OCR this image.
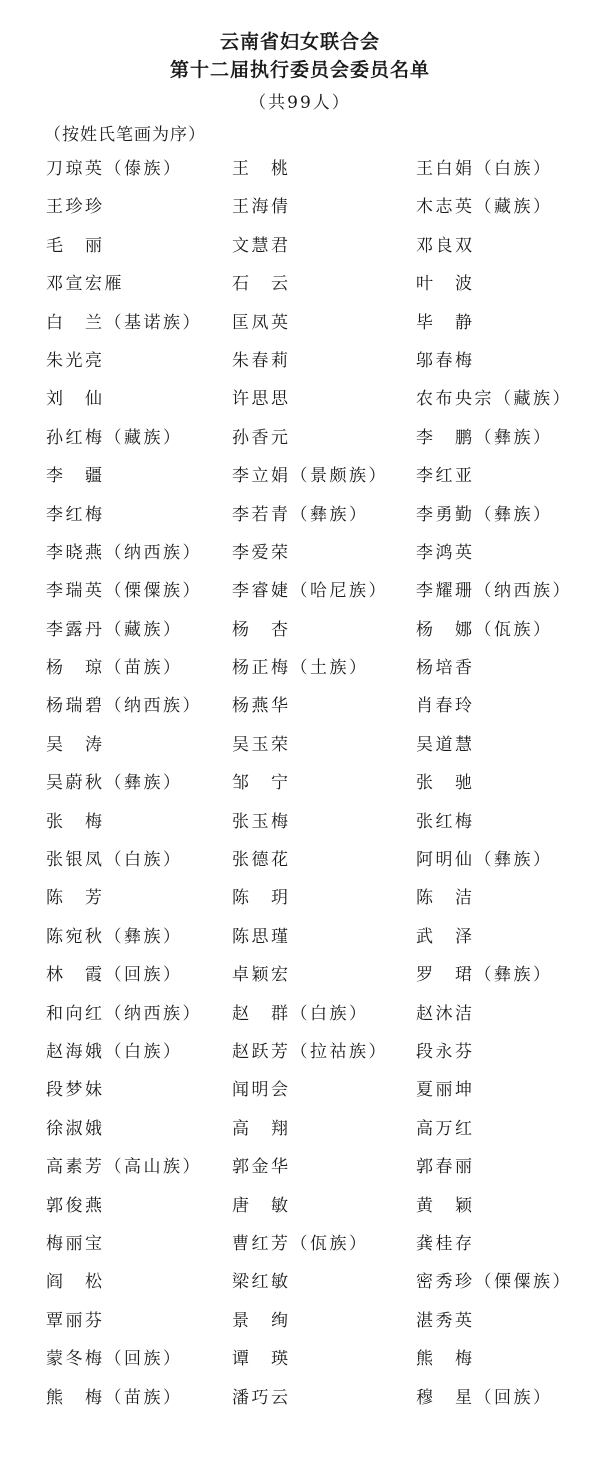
云南省妇女联合会
第十二届执行委员会委员名单
（共99人）
（按姓氏笔画为序）
刀琼英（傣族）	王　桃	王白娟（白族）
王珍珍	王海倩	木志英（藏族）
毛　丽	文慧君	邓良双
邓宣宏雁	石　云	叶　波
白　兰（基诺族） 匡凤英	毕　静
朱光亮	朱春莉	邬春梅
刘　仙	许思思	农布央宗（藏族）
孙红梅（藏族）	孙香元	李　鹏（彝族）
李　疆	李立娟（景颇族） 李红亚
李红梅	李若青（彝族）	李勇勤（彝族）
李晓燕（纳西族） 李爱荣	李鸿英
李瑞英（傈僳族） 李睿婕（哈尼族） 李耀珊（纳西族）
李露丹（藏族）	杨　杏	杨　娜（佤族）
杨　琼（苗族）	杨正梅（土族）	杨培香
杨瑞碧（纳西族） 杨燕华	肖春玲
吴　涛	吴玉荣	吴道慧
吴蔚秋（彝族）	邹　宁	张　驰
张　梅	张玉梅	张红梅
张银凤（白族）	张德花	阿明仙（彝族）
陈　芳	陈　玥	陈　洁
陈宛秋（彝族）	陈思瑾	武　泽
林　霞（回族）	卓颖宏	罗　珺（彝族）
和向红（纳西族） 赵　群（白族）	赵沐洁
赵海娥（白族）	赵跃芳（拉祜族） 段永芬
段梦妹	闻明会	夏丽坤
徐淑娥	高　翔	高万红
高素芳（高山族） 郭金华	郭春丽
郭俊燕	唐　敏	黄　颖
梅丽宝	曹红芳（佤族）	龚桂存
阎　松	梁红敏	密秀珍（傈僳族）
覃丽芬	景　绚	湛秀英
蒙冬梅（回族）	谭　瑛	熊　梅
熊　梅（苗族）	潘巧云	穆　星（回族）
